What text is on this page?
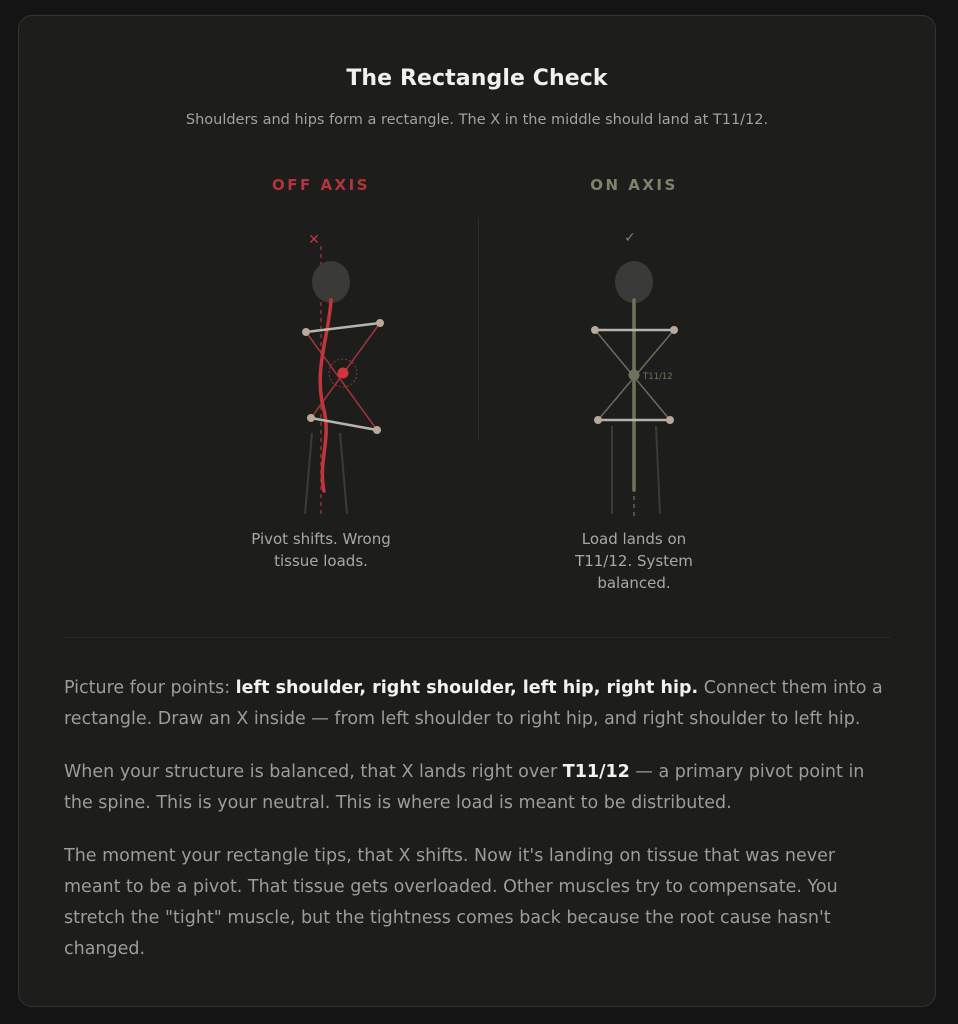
The Rectangle Check
Shoulders and hips form a rectangle. The X in the middle should land at T11/12.
OFF AXIS
✕
Pivot shifts. Wrong tissue loads.
ON AXIS
✓
T11/12
Load lands on T11/12. System balanced.

Picture four points: left shoulder, right shoulder, left hip, right hip. Connect them into a rectangle. Draw an X inside — from left shoulder to right hip, and right shoulder to left hip.

When your structure is balanced, that X lands right over T11/12 — a primary pivot point in the spine. This is your neutral. This is where load is meant to be distributed.

The moment your rectangle tips, that X shifts. Now it's landing on tissue that was never meant to be a pivot. That tissue gets overloaded. Other muscles try to compensate. You stretch the "tight" muscle, but the tightness comes back because the root cause hasn't changed.
